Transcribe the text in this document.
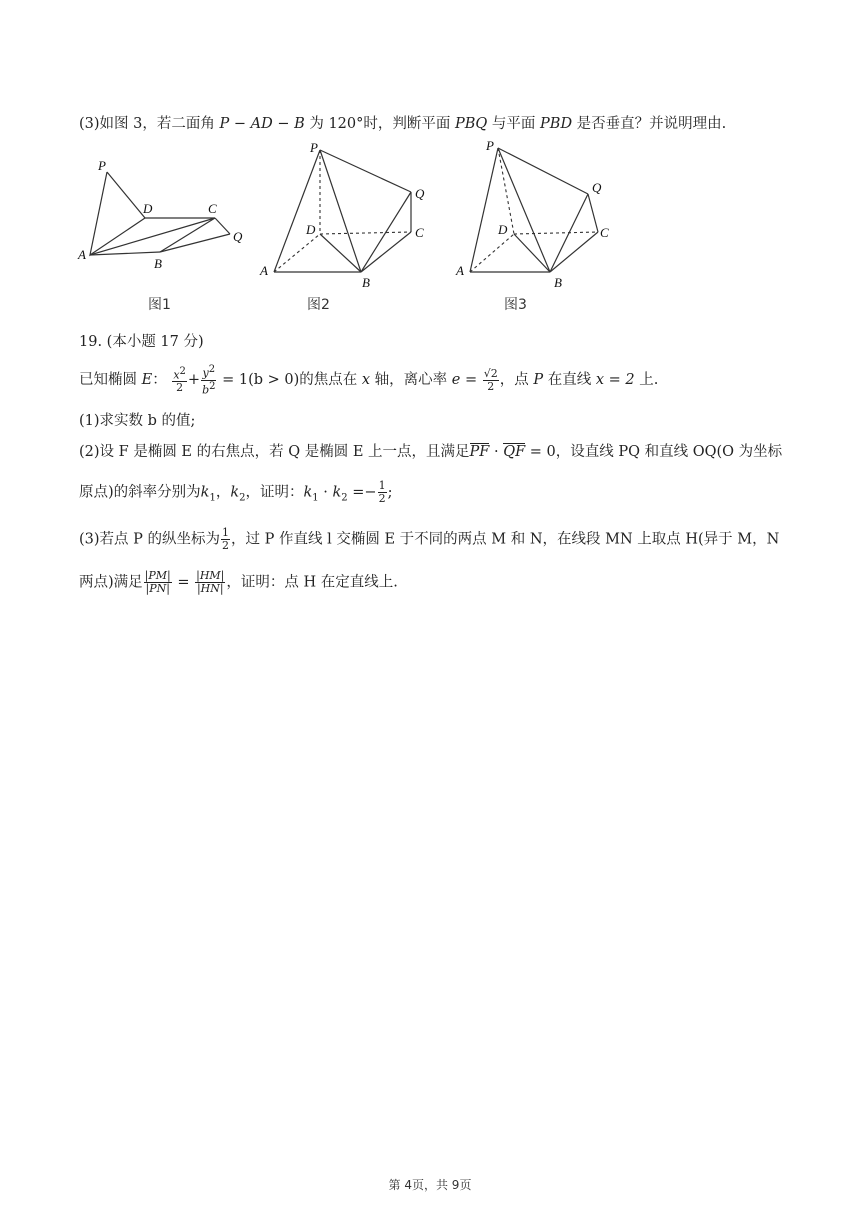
(3)如图 3，若二面角 P − AD − B 为 120°时，判断平面 PBQ 与平面 PBD 是否垂直？并说明理由.
P
D	C
A
B
Q
图1
P
Q
D	C
A
B
图2
P
Q
D	C
A
B
图3
19. (本小题 17 分)
已知椭圆 E： $\frac{x^2}{2} + \frac{y^2}{b^2} = 1(b > 0)$的焦点在 x 轴，离心率 $e = \frac{√2}{2}$ ，点 P 在直线 x = 2 上.
(1)求实数 b 的值;
(2)设 F 是椭圆 E 的右焦点，若 Q 是椭圆 E 上一点，且满足PF · QF = 0，设直线 PQ 和直线 OQ(O 为坐标
原点)的斜率分别为$k_1$，$k_2$，证明：$k_1 \cdot k_2 =- \frac{1}{2}$ ;
(3)若点 P 的纵坐标为 $\frac{1}{2}$ ，过 P 作直线 l 交椭圆 E 于不同的两点 M 和 N，在线段 MN 上取点 H(异于 M，N
两点)满足 $\frac{|PM|}{|PN|} = \frac{|HM|}{|HN|}$ ，证明：点 H 在定直线上.
第 4页，共 9页
